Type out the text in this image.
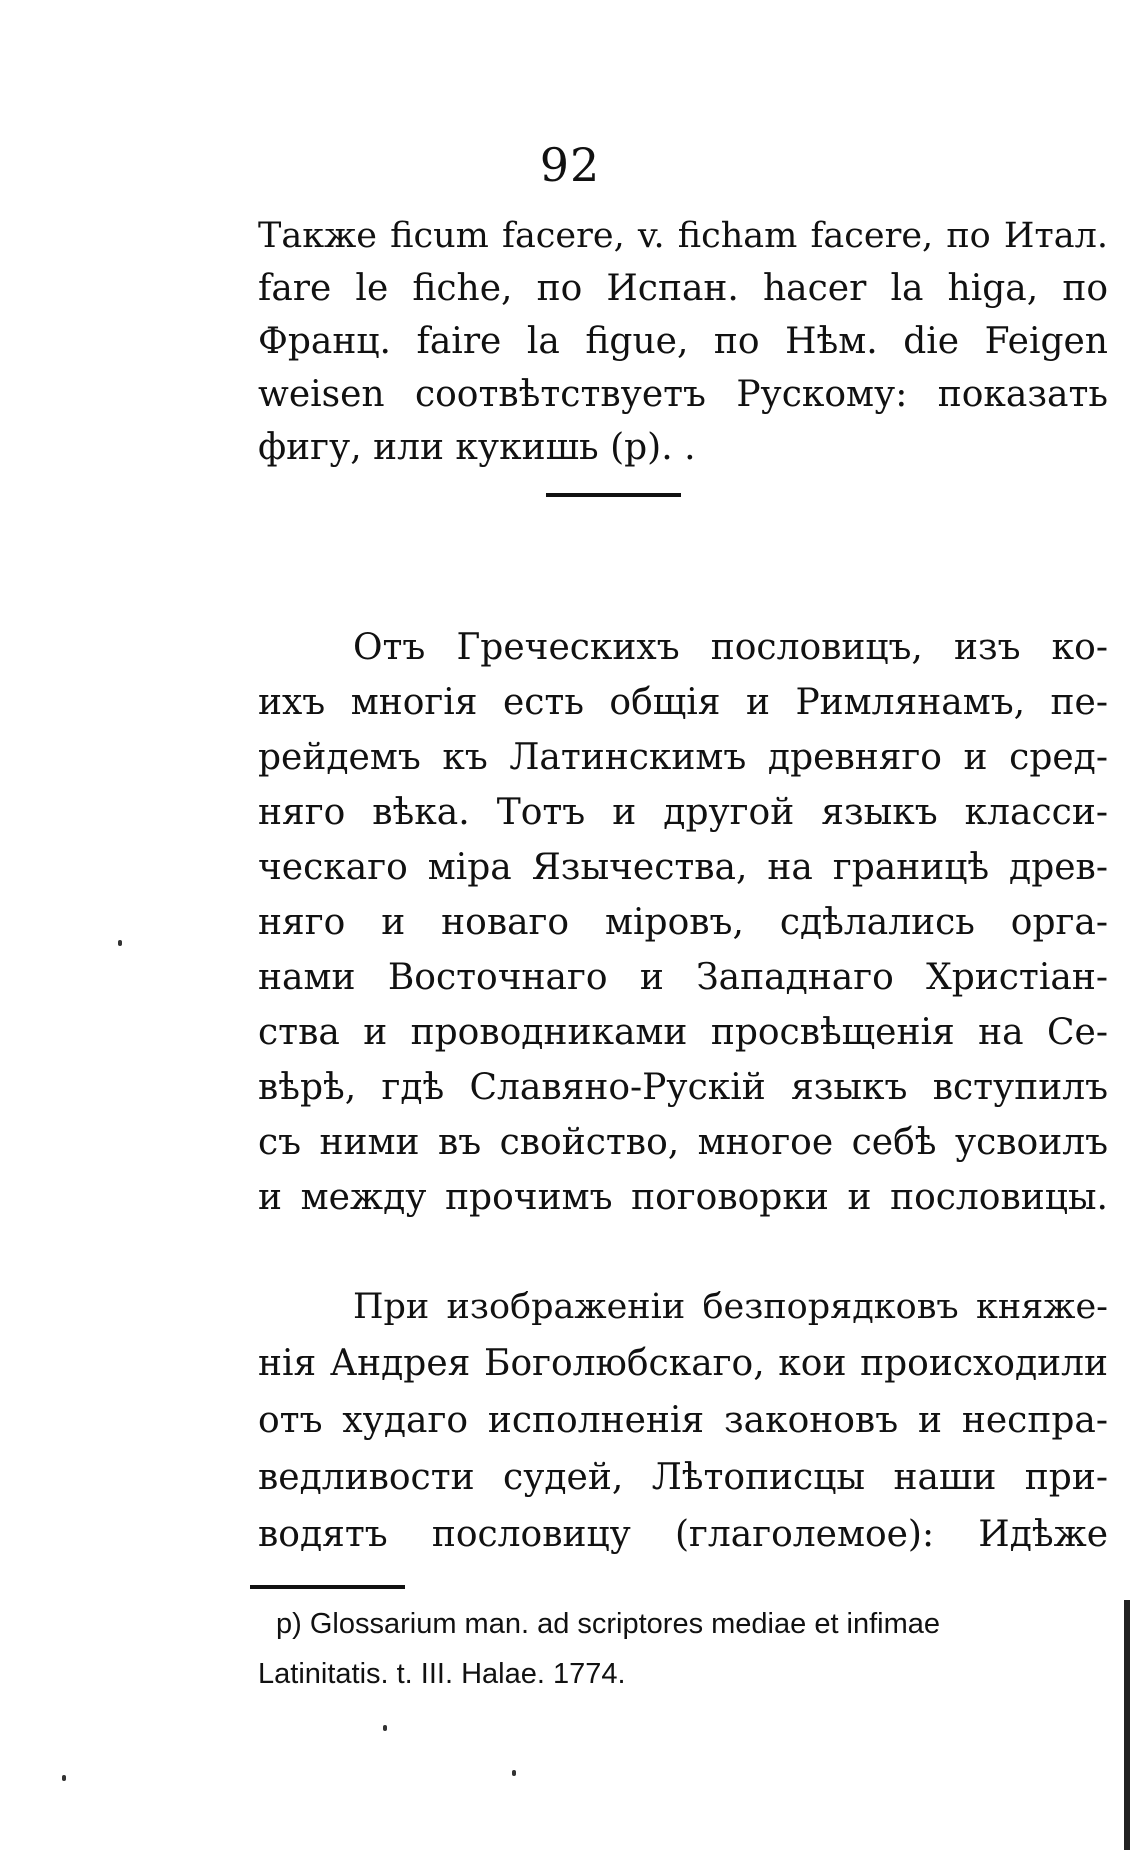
92
Также ficum facere, v. ficham facere, по Итал.
fare le fiche, по Испан. hacer la higa, по
Франц. faire la figue, по Нѣм. die Feigen
weisen соотвѣтствуетъ Рускому: показать
фигу, или кукишь (р). .
Отъ Греческихъ пословицъ, изъ ко-
ихъ многія есть общія и Римлянамъ, пе-
рейдемъ къ Латинскимъ древняго и сред-
няго вѣка. Тотъ и другой языкъ класси-
ческаго міра Язычества, на границѣ древ-
няго и новаго міровъ, сдѣлались орга-
нами Восточнаго и Западнаго Христіан-
ства и проводниками просвѣщенія на Се-
вѣрѣ, гдѣ Славяно-Рускій языкъ вступилъ
съ ними въ свойство, многое себѣ усвоилъ
и между прочимъ поговорки и пословицы.
При изображеніи безпорядковъ княже-
нія Андрея Боголюбскаго, кои происходили
отъ худаго исполненія законовъ и неспра-
ведливости судей, Лѣтописцы наши при-
водятъ пословицу (глаголемое): Идѣже
р) Glossarium man. ad scriptores mediae et infimae
Latinitatis. t. III. Halae. 1774.
